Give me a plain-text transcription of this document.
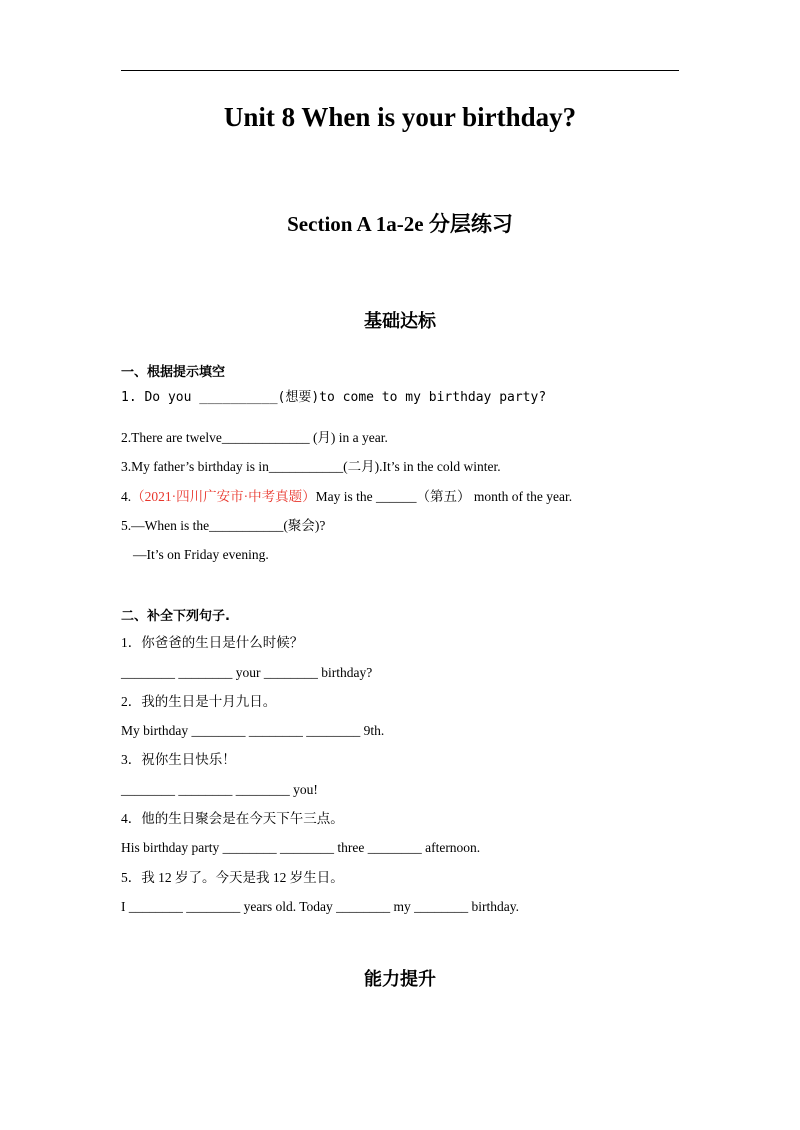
Unit 8 When is your birthday?
Section A 1a-2e 分层练习
基础达标
一、根据提示填空
1. Do you __________(想要)to come to my birthday party?
2.There are twelve_____________ (月) in a year.
3.My father’s birthday is in___________(二月).It’s in the cold winter.
4.（2021·四川广安市·中考真题）May is the ______（第五） month of the year.
5.—When is the___________(聚会)?
—It’s on Friday evening.
二、补全下列句子.
1．你爸爸的生日是什么时候？
________ ________ your ________ birthday?
2．我的生日是十月九日。
My birthday ________ ________ ________ 9th.
3．祝你生日快乐！
________ ________ ________ you!
4．他的生日聚会是在今天下午三点。
His birthday party ________ ________ three ________ afternoon.
5．我 12 岁了。今天是我 12 岁生日。
I ________ ________ years old. Today ________ my ________ birthday.
能力提升
